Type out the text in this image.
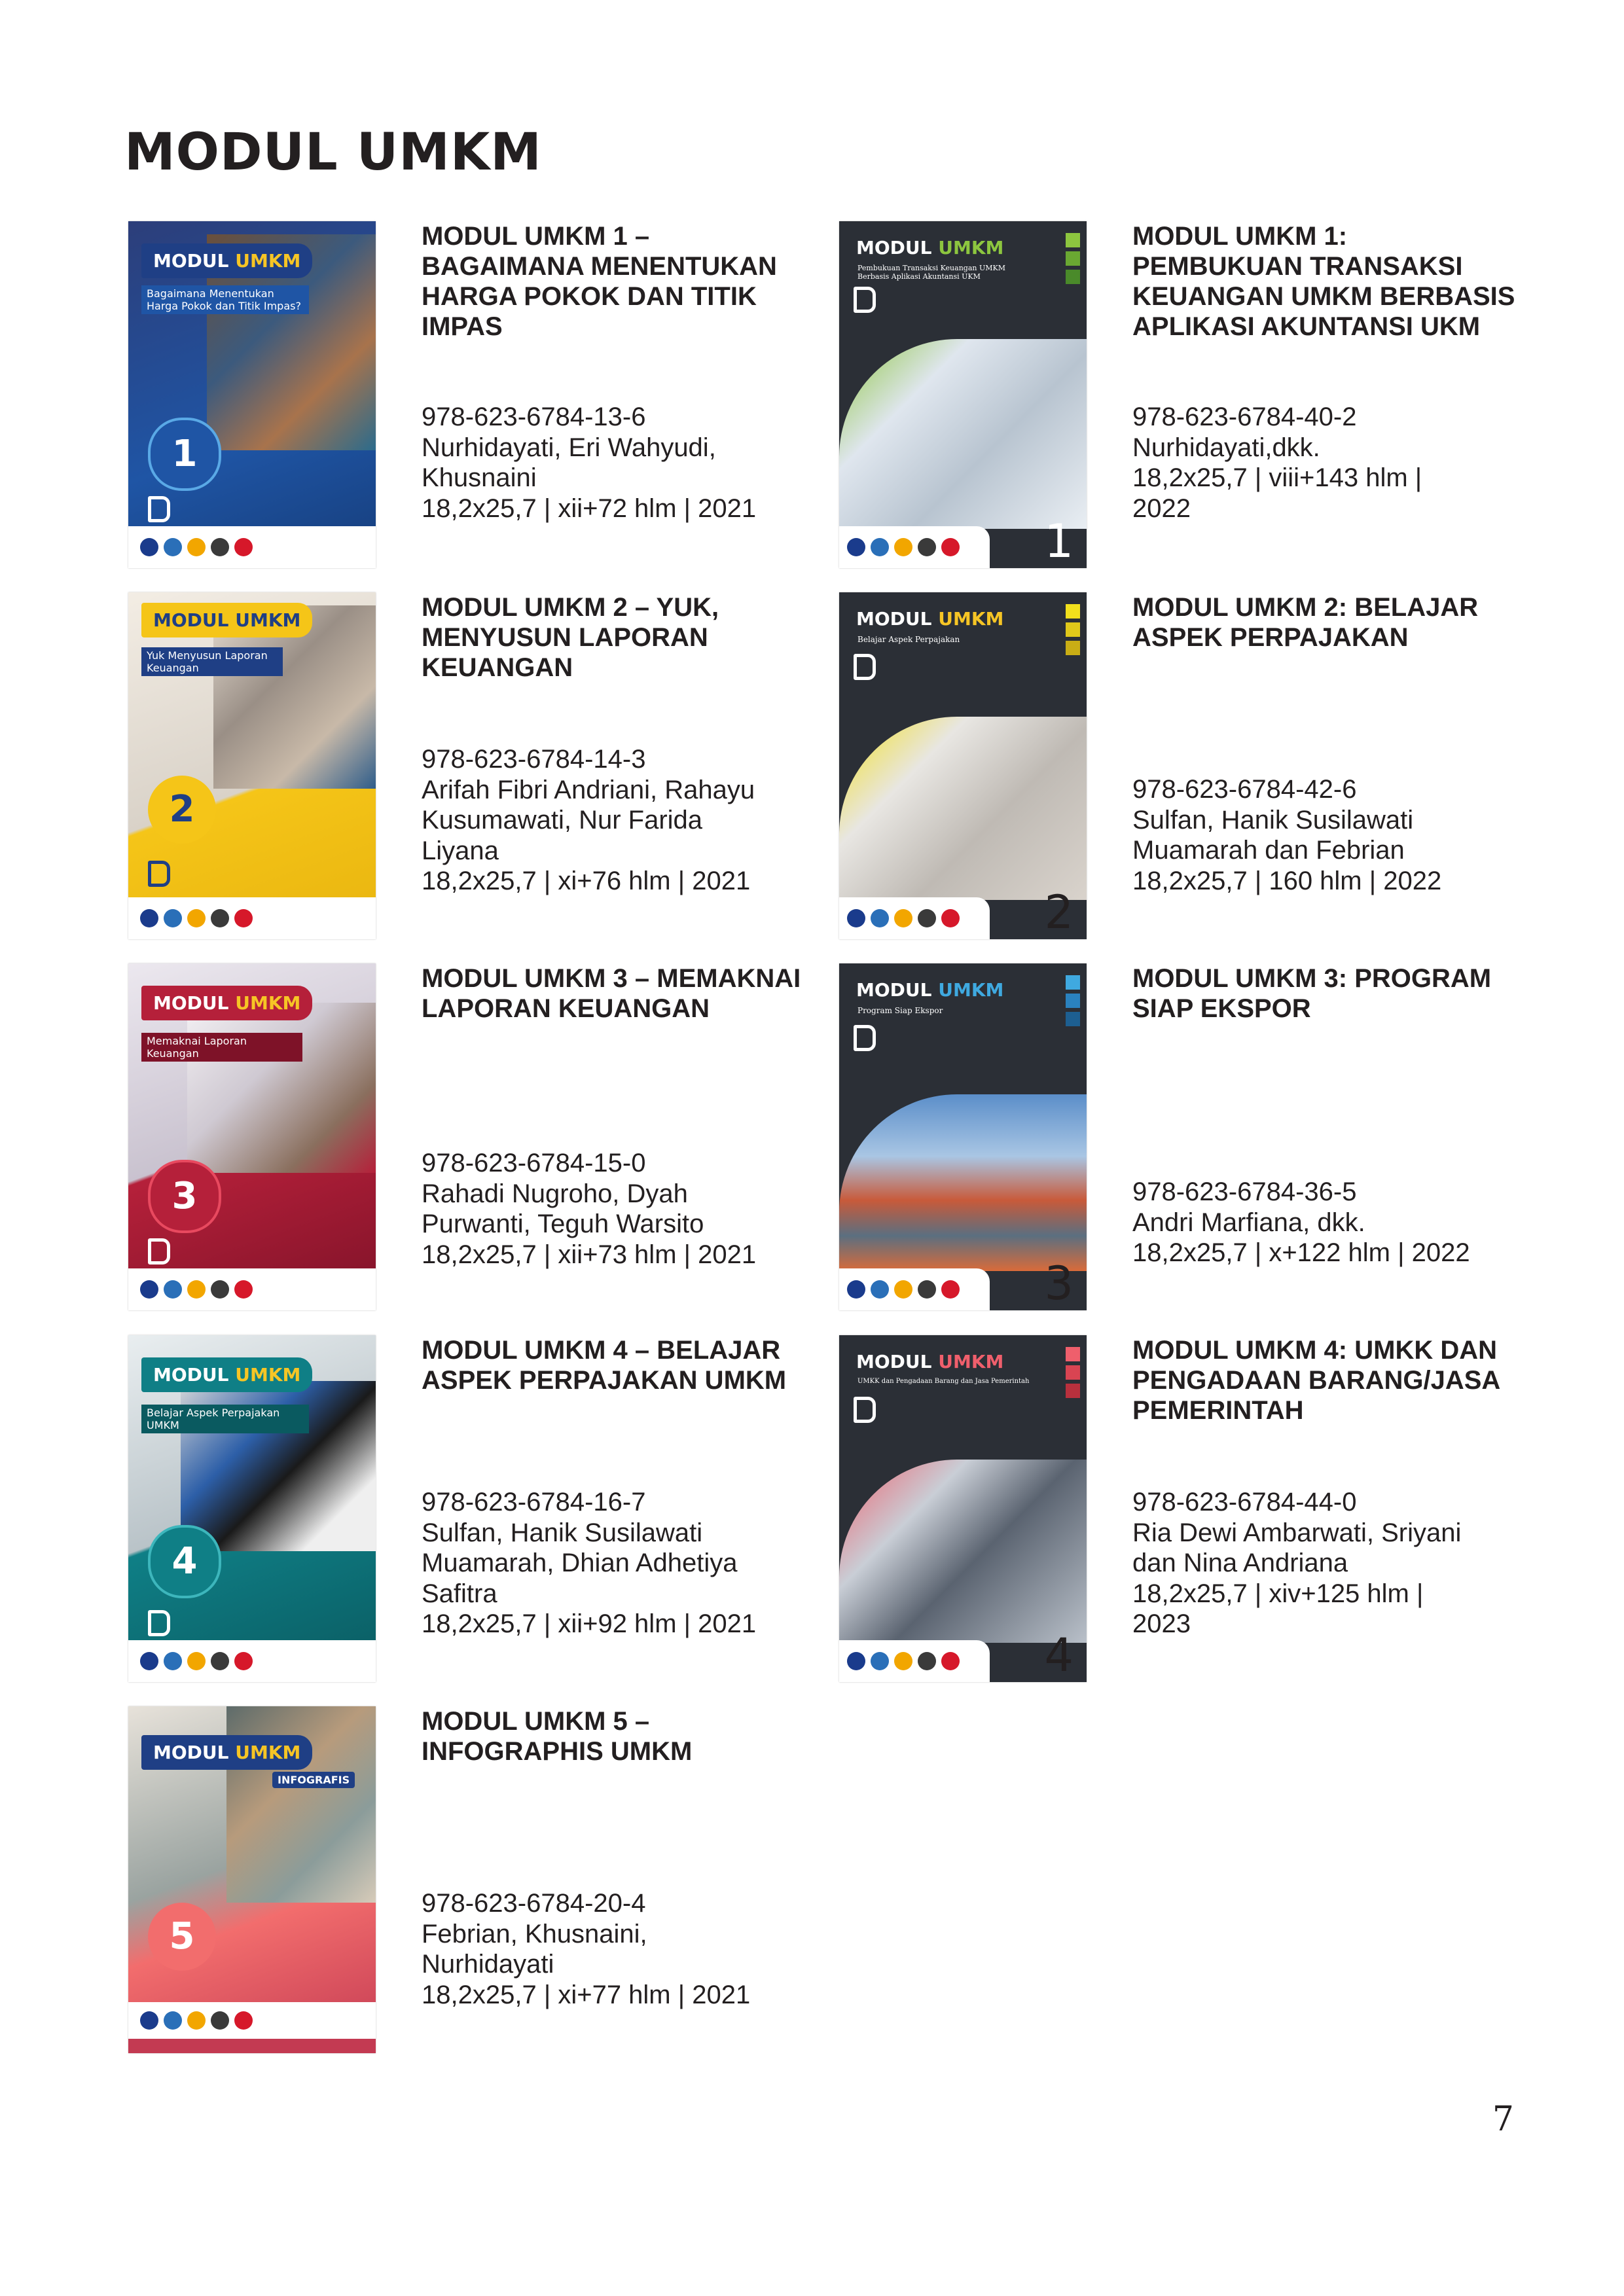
MODUL UMKM
MODUL UMKM
Bagaimana Menentukan Harga Pokok dan Titik Impas?
1

MODUL UMKM 1 – BAGAIMANA MENENTUKAN HARGA POKOK DAN TITIK IMPAS

978-623-6784-13-6
Nurhidayati, Eri Wahyudi,
Khusnaini
18,2x25,7 | xii+72 hlm | 2021
MODUL UMKM
Pembukuan Transaksi Keuangan UMKM Berbasis Aplikasi Akuntansi UKM
1

MODUL UMKM 1: PEMBUKUAN TRANSAKSI KEUANGAN UMKM BERBASIS APLIKASI AKUNTANSI UKM

978-623-6784-40-2
Nurhidayati,dkk.
18,2x25,7 | viii+143 hlm |
2022
MODUL UMKM
Yuk Menyusun Laporan Keuangan
2

MODUL UMKM 2 – YUK, MENYUSUN LAPORAN KEUANGAN

978-623-6784-14-3
Arifah Fibri Andriani, Rahayu
Kusumawati, Nur Farida
Liyana
18,2x25,7 | xi+76 hlm | 2021
MODUL UMKM
Belajar Aspek Perpajakan
2

MODUL UMKM 2: BELAJAR ASPEK PERPAJAKAN

978-623-6784-42-6
Sulfan, Hanik Susilawati
Muamarah dan Febrian
18,2x25,7 | 160 hlm | 2022
MODUL UMKM
Memaknai Laporan Keuangan
3

MODUL UMKM 3 – MEMAKNAI LAPORAN KEUANGAN

978-623-6784-15-0
Rahadi Nugroho, Dyah
Purwanti, Teguh Warsito
18,2x25,7 | xii+73 hlm | 2021
MODUL UMKM
Program Siap Ekspor
3

MODUL UMKM 3: PROGRAM SIAP EKSPOR

978-623-6784-36-5
Andri Marfiana, dkk.
18,2x25,7 | x+122 hlm | 2022
MODUL UMKM
Belajar Aspek Perpajakan UMKM
4

MODUL UMKM 4 – BELAJAR ASPEK PERPAJAKAN UMKM

978-623-6784-16-7
Sulfan, Hanik Susilawati
Muamarah, Dhian Adhetiya
Safitra
18,2x25,7 | xii+92 hlm | 2021
MODUL UMKM
UMKK dan Pengadaan Barang dan Jasa Pemerintah
4

MODUL UMKM 4: UMKK DAN PENGADAAN BARANG/JASA PEMERINTAH

978-623-6784-44-0
Ria Dewi Ambarwati, Sriyani
dan Nina Andriana
18,2x25,7 | xiv+125 hlm |
2023
MODUL UMKM
INFOGRAFIS
5

MODUL UMKM 5 – INFOGRAPHIS UMKM

978-623-6784-20-4
Febrian, Khusnaini,
Nurhidayati
18,2x25,7 | xi+77 hlm | 2021
7
